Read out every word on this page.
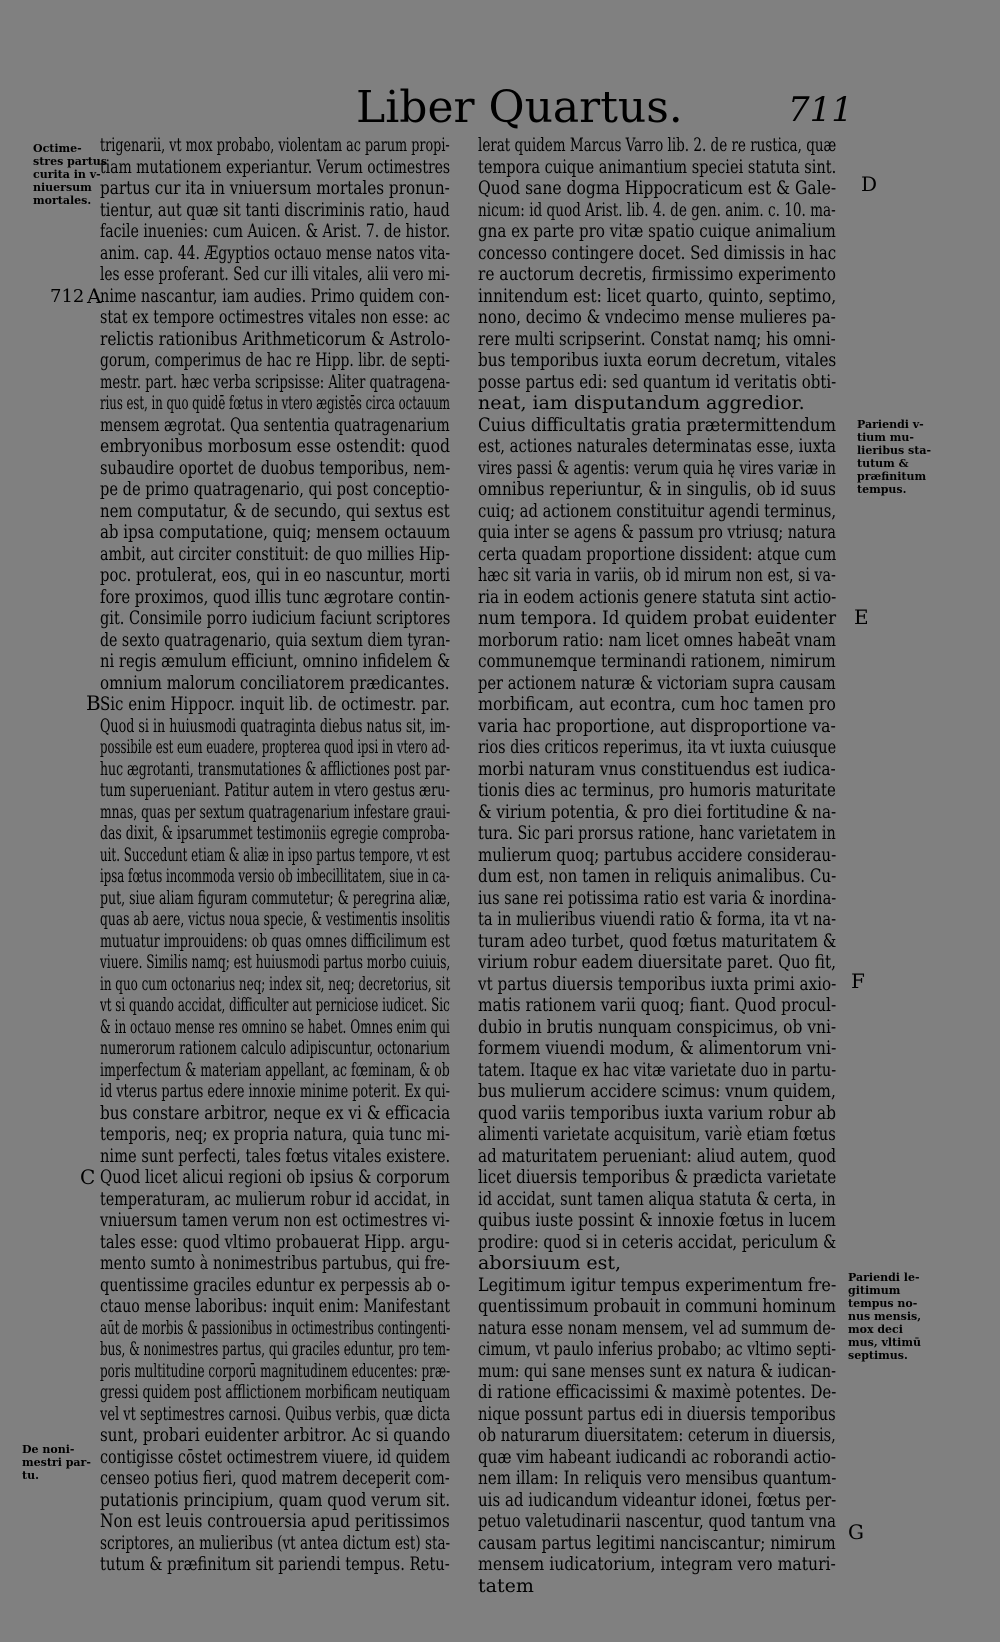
Liber Quartus.	711
Octime-
stres partus
curita in v-
niuersum
mortales.
De noni-
mestri par-
tu.
Pariendi v-
tium mu-
lieribus sta-
tutum &
præfinitum
tempus.
Pariendi le-
gitimum
tempus no-
nus mensis,
mox deci
mus, vltimū
septimus.
712 A
B
C
D
E
F
G
trigenarii, vt mox probabo, violentam ac parum propi-
tiam mutationem experiantur. Verum octimestres
partus cur ita in vniuersum mortales pronun-
tientur, aut quæ sit tanti discriminis ratio, haud
facile inuenies: cum Auicen. & Arist. 7. de histor.
anim. cap. 44. Ægyptios octauo mense natos vita-
les esse proferant. Sed cur illi vitales, alii vero mi-
nime nascantur, iam audies. Primo quidem con-
stat ex tempore octimestres vitales non esse: ac
relictis rationibus Arithmeticorum & Astrolo-
gorum, comperimus de hac re Hipp. libr. de septi-
mestr. part. hæc verba scripsisse: Aliter quatragena-
rius est, in quo quidē fœtus in vtero ægistēs circa octauum
mensem ægrotat. Qua sententia quatragenarium
embryonibus morbosum esse ostendit: quod
subaudire oportet de duobus temporibus, nem-
pe de primo quatragenario, qui post conceptio-
nem computatur, & de secundo, qui sextus est
ab ipsa computatione, quiq; mensem octauum
ambit, aut circiter constituit: de quo millies Hip-
poc. protulerat, eos, qui in eo nascuntur, morti
fore proximos, quod illis tunc ægrotare contin-
git. Consimile porro iudicium faciunt scriptores
de sexto quatragenario, quia sextum diem tyran-
ni regis æmulum efficiunt, omnino infidelem &
omnium malorum conciliatorem prædicantes.
Sic enim Hippocr. inquit lib. de octimestr. par.
Quod si in huiusmodi quatraginta diebus natus sit, im-
possibile est eum euadere, propterea quod ipsi in vtero ad-
huc ægrotanti, transmutationes & afflictiones post par-
tum superueniant. Patitur autem in vtero gestus æru-
mnas, quas per sextum quatragenarium infestare graui-
das dixit, & ipsarummet testimoniis egregie comproba-
uit. Succedunt etiam & aliæ in ipso partus tempore, vt est
ipsa fœtus incommoda versio ob imbecillitatem, siue in ca-
put, siue aliam figuram commutetur; & peregrina aliæ,
quas ab aere, victus noua specie, & vestimentis insolitis
mutuatur improuidens: ob quas omnes difficilimum est
viuere. Similis namq; est huiusmodi partus morbo cuiuis,
in quo cum octonarius neq; index sit, neq; decretorius, sit
vt si quando accidat, difficulter aut perniciose iudicet. Sic
& in octauo mense res omnino se habet. Omnes enim qui
numerorum rationem calculo adipiscuntur, octonarium
imperfectum & materiam appellant, ac fœminam, & ob
id vterus partus edere innoxie minime poterit. Ex qui-
bus constare arbitror, neque ex vi & efficacia
temporis, neq; ex propria natura, quia tunc mi-
nime sunt perfecti, tales fœtus vitales existere.
Quod licet alicui regioni ob ipsius & corporum
temperaturam, ac mulierum robur id accidat, in
vniuersum tamen verum non est octimestres vi-
tales esse: quod vltimo probauerat Hipp. argu-
mento sumto à nonimestribus partubus, qui fre-
quentissime graciles eduntur ex perpessis ab o-
ctauo mense laboribus: inquit enim: Manifestant
aūt de morbis & passionibus in octimestribus contingenti-
bus, & nonimestres partus, qui graciles eduntur, pro tem-
poris multitudine corporū magnitudinem educentes: præ-
gressi quidem post afflictionem morbificam neutiquam
vel vt septimestres carnosi. Quibus verbis, quæ dicta
sunt, probari euidenter arbitror. Ac si quando
contigisse cōstet octimestrem viuere, id quidem
censeo potius fieri, quod matrem deceperit com-
putationis principium, quam quod verum sit.
Non est leuis controuersia apud peritissimos
scriptores, an mulieribus (vt antea dictum est) sta-
tutum & præfinitum sit pariendi tempus. Retu-
lerat quidem Marcus Varro lib. 2. de re rustica, quæ
tempora cuique animantium speciei statuta sint.
Quod sane dogma Hippocraticum est & Gale-
nicum: id quod Arist. lib. 4. de gen. anim. c. 10. ma-
gna ex parte pro vitæ spatio cuique animalium
concesso contingere docet. Sed dimissis in hac
re auctorum decretis, firmissimo experimento
innitendum est: licet quarto, quinto, septimo,
nono, decimo & vndecimo mense mulieres pa-
rere multi scripserint. Constat namq; his omni-
bus temporibus iuxta eorum decretum, vitales
posse partus edi: sed quantum id veritatis obti-
neat, iam disputandum aggredior.
Cuius difficultatis gratia prætermittendum
est, actiones naturales determinatas esse, iuxta
vires passi & agentis: verum quia hę vires variæ in
omnibus reperiuntur, & in singulis, ob id suus
cuiq; ad actionem constituitur agendi terminus,
quia inter se agens & passum pro vtriusq; natura
certa quadam proportione dissident: atque cum
hæc sit varia in variis, ob id mirum non est, si va-
ria in eodem actionis genere statuta sint actio-
num tempora. Id quidem probat euidenter
morborum ratio: nam licet omnes habeāt vnam
communemque terminandi rationem, nimirum
per actionem naturæ & victoriam supra causam
morbificam, aut econtra, cum hoc tamen pro
varia hac proportione, aut disproportione va-
rios dies criticos reperimus, ita vt iuxta cuiusque
morbi naturam vnus constituendus est iudica-
tionis dies ac terminus, pro humoris maturitate
& virium potentia, & pro diei fortitudine & na-
tura. Sic pari prorsus ratione, hanc varietatem in
mulierum quoq; partubus accidere considerau-
dum est, non tamen in reliquis animalibus. Cu-
ius sane rei potissima ratio est varia & inordina-
ta in mulieribus viuendi ratio & forma, ita vt na-
turam adeo turbet, quod fœtus maturitatem &
virium robur eadem diuersitate paret. Quo fit,
vt partus diuersis temporibus iuxta primi axio-
matis rationem varii quoq; fiant. Quod procul-
dubio in brutis nunquam conspicimus, ob vni-
formem viuendi modum, & alimentorum vni-
tatem. Itaque ex hac vitæ varietate duo in partu-
bus mulierum accidere scimus: vnum quidem,
quod variis temporibus iuxta varium robur ab
alimenti varietate acquisitum, variè etiam fœtus
ad maturitatem perueniant: aliud autem, quod
licet diuersis temporibus & prædicta varietate
id accidat, sunt tamen aliqua statuta & certa, in
quibus iuste possint & innoxie fœtus in lucem
prodire: quod si in ceteris accidat, periculum &
aborsiuum est,
Legitimum igitur tempus experimentum fre-
quentissimum probauit in communi hominum
natura esse nonam mensem, vel ad summum de-
cimum, vt paulo inferius probabo; ac vltimo septi-
mum: qui sane menses sunt ex natura & iudican-
di ratione efficacissimi & maximè potentes. De-
nique possunt partus edi in diuersis temporibus
ob naturarum diuersitatem: ceterum in diuersis,
quæ vim habeant iudicandi ac roborandi actio-
nem illam: In reliquis vero mensibus quantum-
uis ad iudicandum videantur idonei, fœtus per-
petuo valetudinarii nascentur, quod tantum vna
causam partus legitimi nanciscantur; nimirum
mensem iudicatorium, integram vero maturi-
tatem
